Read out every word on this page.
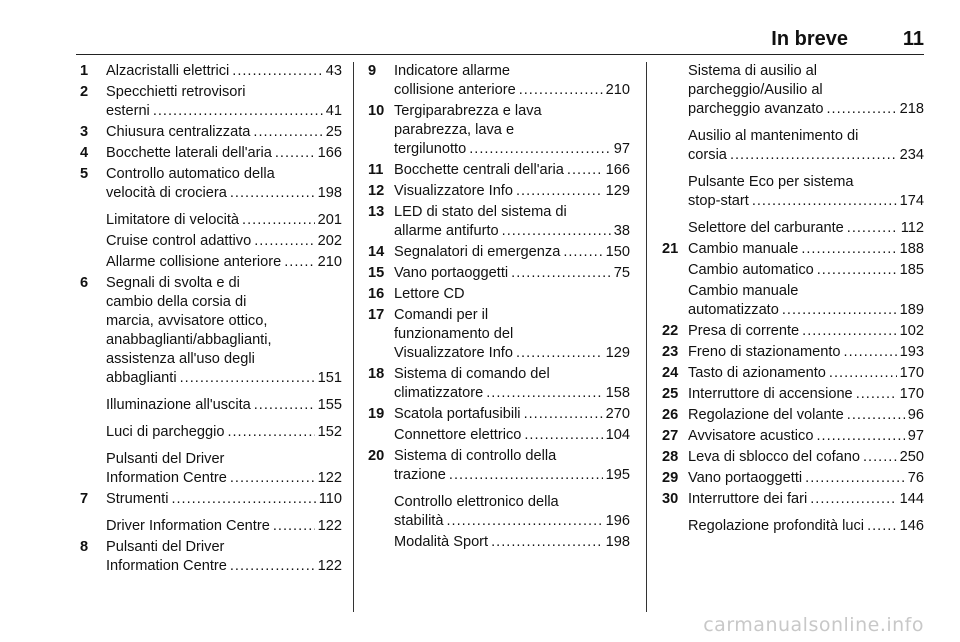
In breve	11
1 Alzacristalli elettrici .....	43
2 Specchietti retrovisori
esterni .....	41
3 Chiusura centralizzata .....	25
4 Bocchette laterali dell'aria .....	166
5 Controllo automatico della
velocità di crociera .....	198
Limitatore di velocità .....	201
Cruise control adattivo .....	202
Allarme collisione anteriore ..... 210
6 Segnali di svolta e di
cambio della corsia di
marcia, avvisatore ottico,
anabbaglianti/abbaglianti,
assistenza all'uso degli
abbaglianti .....	151
Illuminazione all'uscita .....	155
Luci di parcheggio .....	152
Pulsanti del Driver
Information Centre .....	122
7 Strumenti .....	110
Driver Information Centre .....	122
8 Pulsanti del Driver
Information Centre .....	122
9 Indicatore allarme
collisione anteriore .....	210
10 Tergiparabrezza e lava
parabrezza, lava e
tergilunotto .....	97
11 Bocchette centrali dell'aria .....	166
12 Visualizzatore Info .....	129
13 LED di stato del sistema di
allarme antifurto .....	38
14 Segnalatori di emergenza .....	150
15 Vano portaoggetti .....	75
16 Lettore CD
17 Comandi per il
funzionamento del
Visualizzatore Info .....	129
18 Sistema di comando del
climatizzatore .....	158
19 Scatola portafusibili .....	270
Connettore elettrico .....	104
20 Sistema di controllo della
trazione .....	195
Controllo elettronico della
stabilità .....	196
Modalità Sport .....	198
Sistema di ausilio al
parcheggio/Ausilio al
parcheggio avanzato .....	218
Ausilio al mantenimento di
corsia .....	234
Pulsante Eco per sistema
stop-start .....	174
Selettore del carburante .....	112
21 Cambio manuale .....	188
Cambio automatico .....	185
Cambio manuale
automatizzato .....	189
22 Presa di corrente .....	102
23 Freno di stazionamento .....	193
24 Tasto di azionamento .....	170
25 Interruttore di accensione .....	170
26 Regolazione del volante .....	96
27 Avvisatore acustico .....	97
28 Leva di sblocco del cofano .....	250
29 Vano portaoggetti .....	76
30 Interruttore dei fari .....	144
Regolazione profondità luci ..... 146
carmanualsonline.info
